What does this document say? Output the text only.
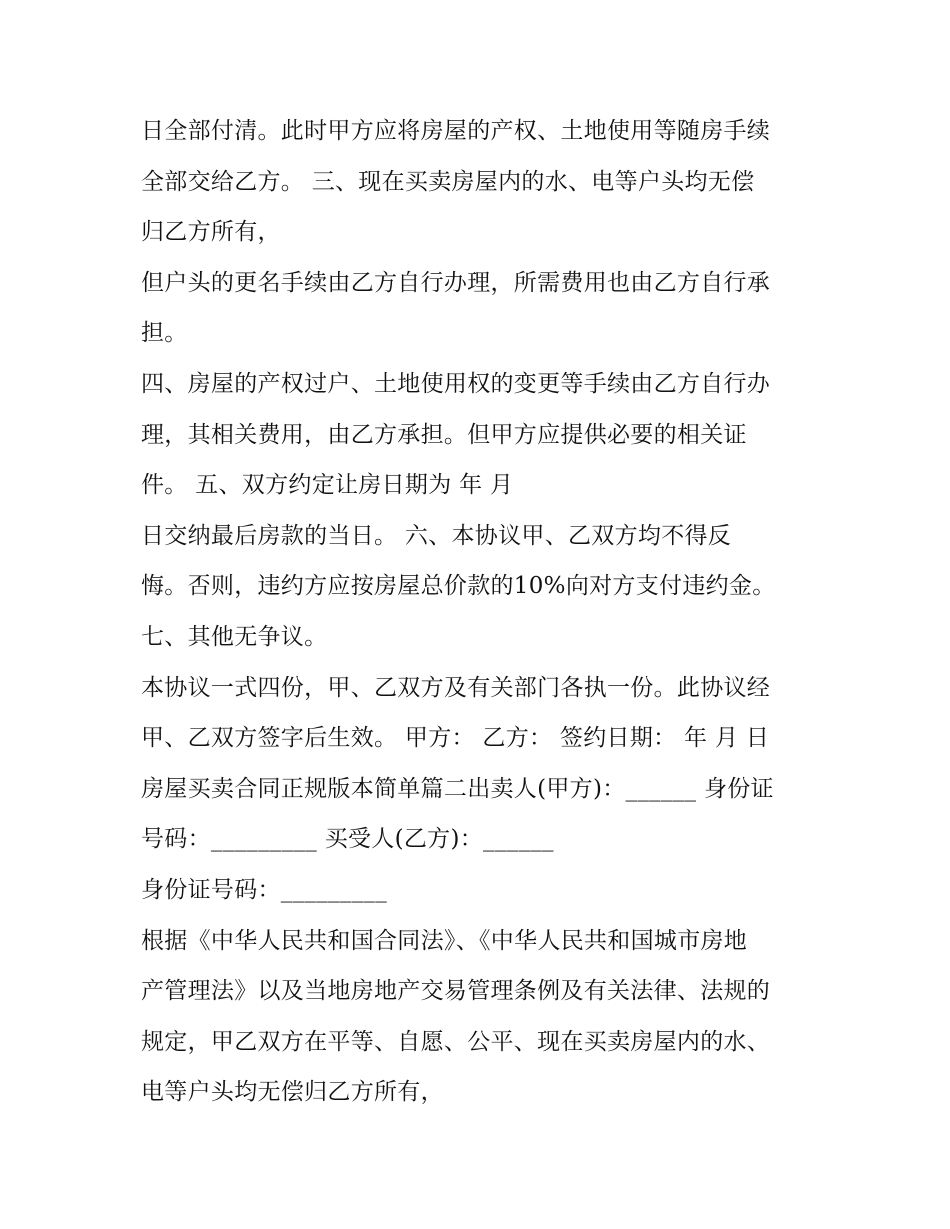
日全部付清。此时甲方应将房屋的产权、土地使用等随房手续
全部交给乙方。 三、现在买卖房屋内的水、电等户头均无偿
归乙方所有，
但户头的更名手续由乙方自行办理，所需费用也由乙方自行承
担。
四、房屋的产权过户、土地使用权的变更等手续由乙方自行办
理，其相关费用，由乙方承担。但甲方应提供必要的相关证
件。 五、双方约定让房日期为 年 月
日交纳最后房款的当日。 六、本协议甲、乙双方均不得反
悔。否则，违约方应按房屋总价款的10%向对方支付违约金。
七、其他无争议。
本协议一式四份，甲、乙双方及有关部门各执一份。此协议经
甲、乙双方签字后生效。 甲方： 乙方： 签约日期： 年 月 日
房屋买卖合同正规版本简单篇二出卖人(甲方)：______ 身份证
号码：_________ 买受人(乙方)：______
身份证号码：_________
根据《中华人民共和国合同法》、《中华人民共和国城市房地
产管理法》以及当地房地产交易管理条例及有关法律、法规的
规定，甲乙双方在平等、自愿、公平、现在买卖房屋内的水、
电等户头均无偿归乙方所有，
